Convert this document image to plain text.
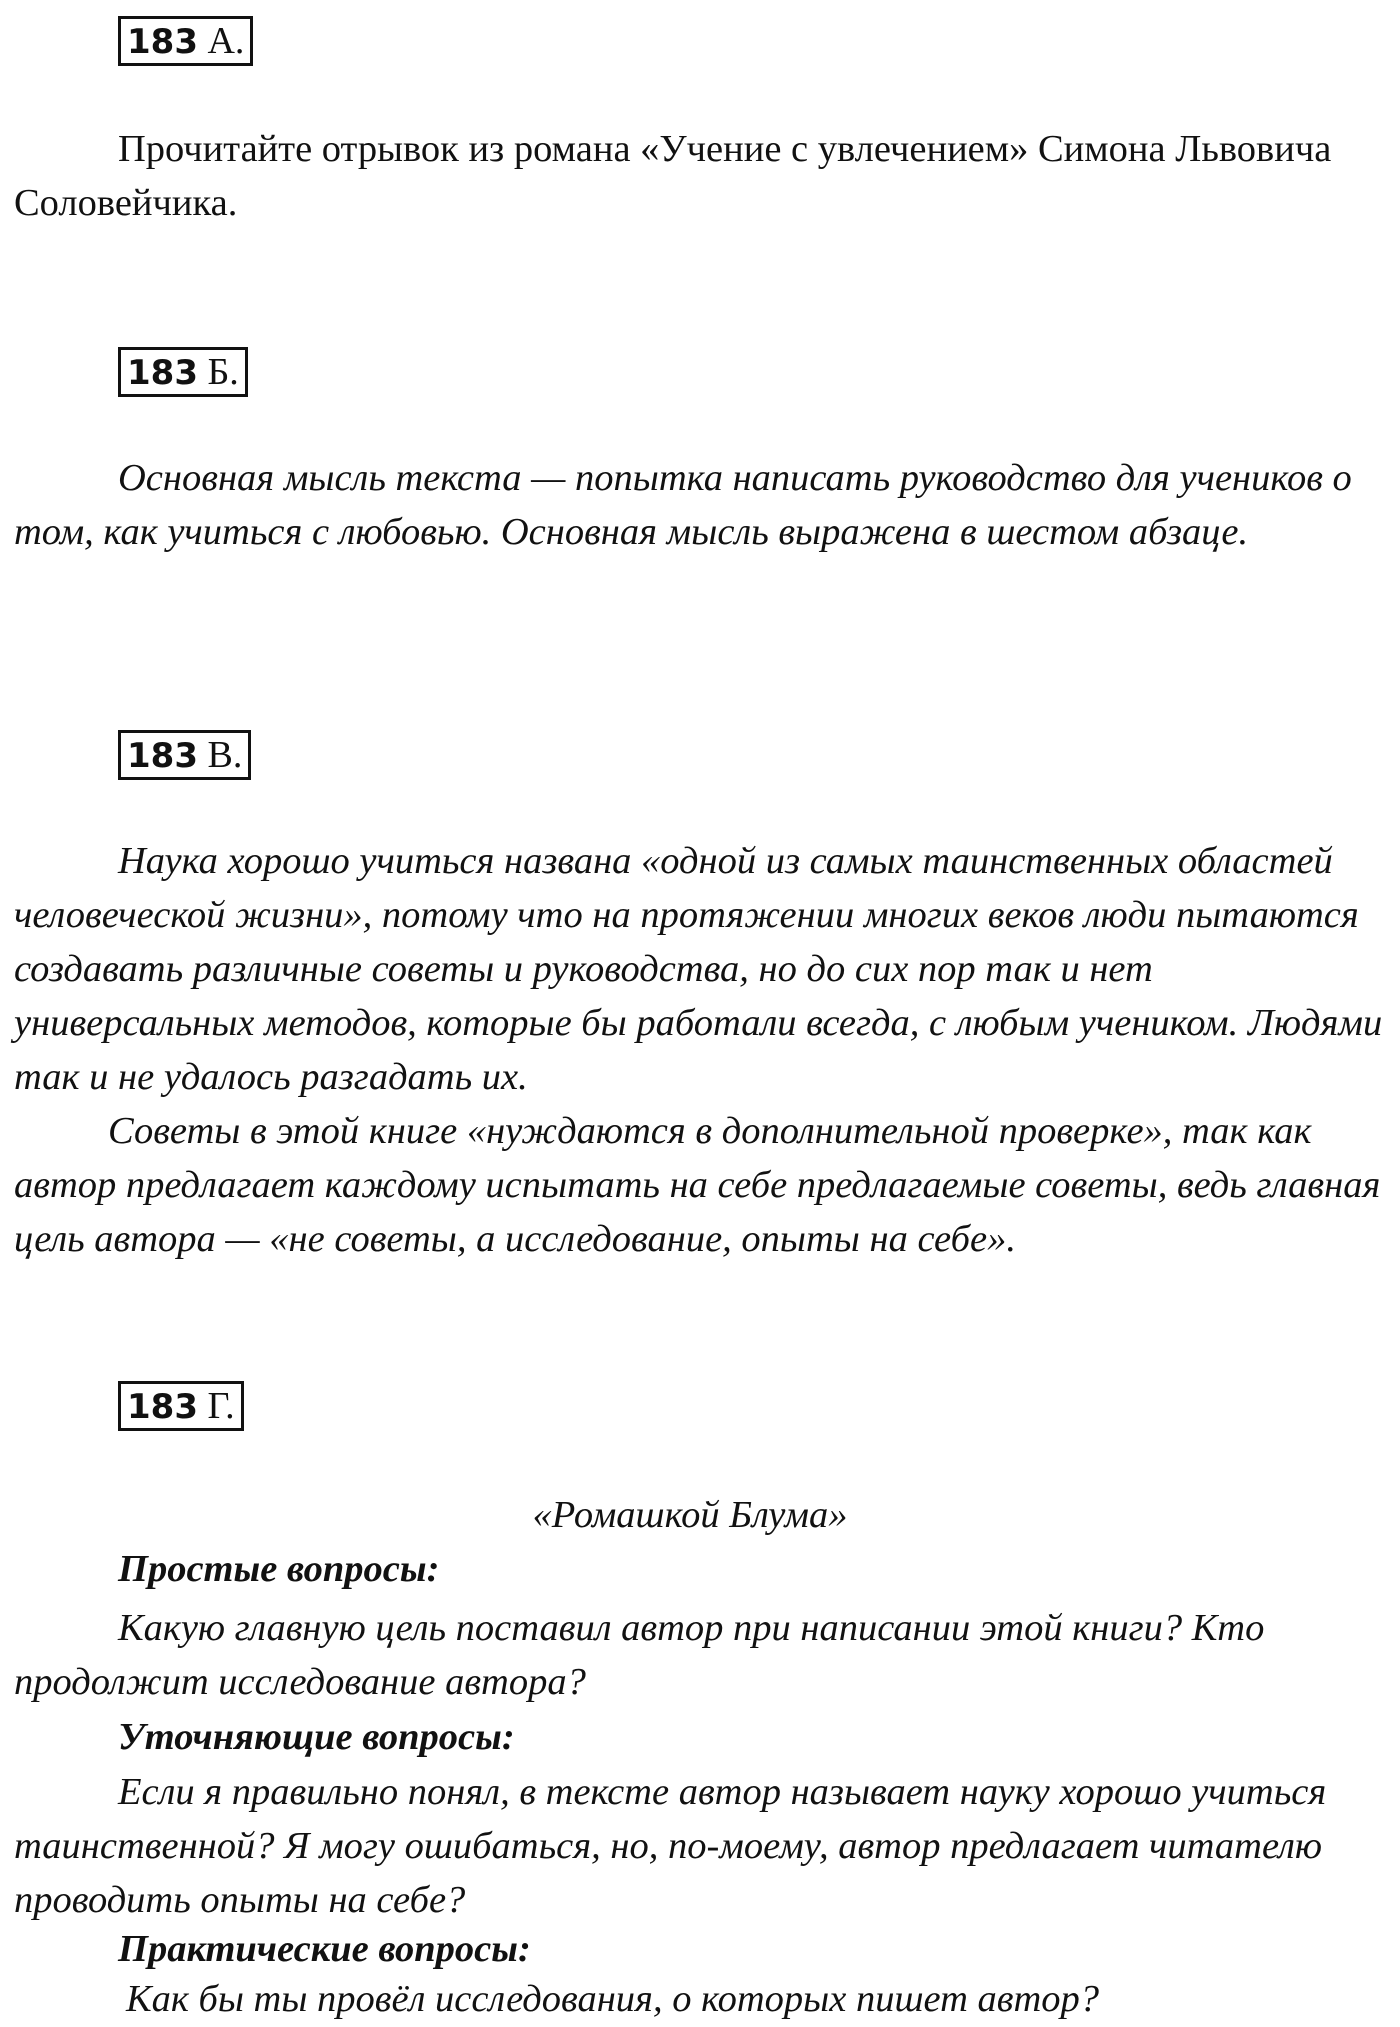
183 А.

Прочитайте отрывок из романа «Учение с увлечением» Симона Львовича Соловейчика.

183 Б.

Основная мысль текста — попытка написать руководство для учеников о том, как учиться с любовью. Основная мысль выражена в шестом абзаце.

183 В.

Наука хорошо учиться названа «одной из самых таинственных областей человеческой жизни», потому что на протяжении многих веков люди пытаются создавать различные советы и руководства, но до сих пор так и нет универсальных методов, которые бы работали всегда, с любым учеником. Людями так и не удалось разгадать их.

Советы в этой книге «нуждаются в дополнительной проверке», так как автор предлагает каждому испытать на себе предлагаемые советы, ведь главная цель автора — «не советы, а исследование, опыты на себе».

183 Г.

«Ромашкой Блума»

Простые вопросы:

Какую главную цель поставил автор при написании этой книги? Кто продолжит исследование автора?

Уточняющие вопросы:

Если я правильно понял, в тексте автор называет науку хорошо учиться таинственной? Я могу ошибаться, но, по-моему, автор предлагает читателю проводить опыты на себе?

Практические вопросы:

Как бы ты провёл исследования, о которых пишет автор?
